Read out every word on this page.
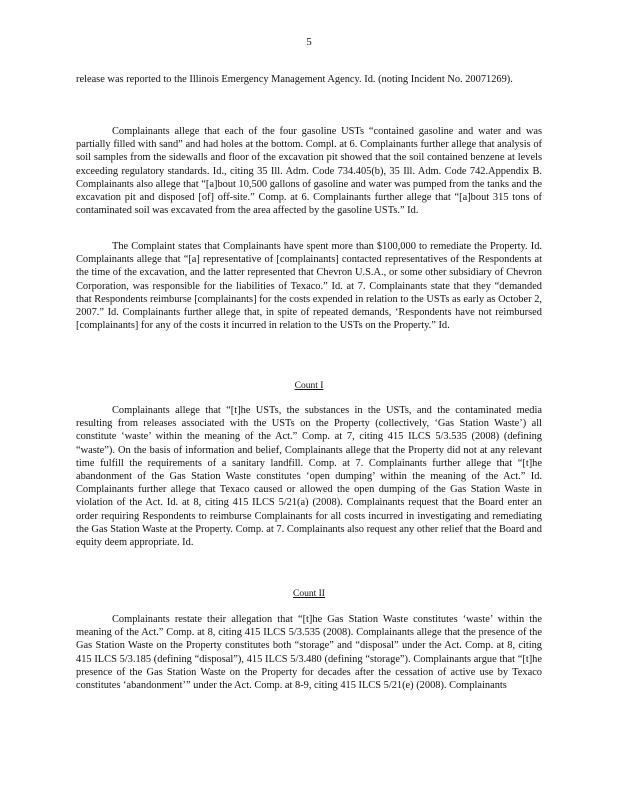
5
release was reported to the Illinois Emergency Management Agency. Id. (noting Incident No. 20071269).
Complainants allege that each of the four gasoline USTs “contained gasoline and water and was partially filled with sand” and had holes at the bottom. Compl. at 6. Complainants further allege that analysis of soil samples from the sidewalls and floor of the excavation pit showed that the soil contained benzene at levels exceeding regulatory standards. Id., citing 35 Ill. Adm. Code 734.405(b), 35 Ill. Adm. Code 742.Appendix B. Complainants also allege that “[a]bout 10,500 gallons of gasoline and water was pumped from the tanks and the excavation pit and disposed [of] off-site.” Comp. at 6. Complainants further allege that “[a]bout 315 tons of contaminated soil was excavated from the area affected by the gasoline USTs.” Id.
The Complaint states that Complainants have spent more than $100,000 to remediate the Property. Id. Complainants allege that “[a] representative of [complainants] contacted representatives of the Respondents at the time of the excavation, and the latter represented that Chevron U.S.A., or some other subsidiary of Chevron Corporation, was responsible for the liabilities of Texaco.” Id. at 7. Complainants state that they “demanded that Respondents reimburse [complainants] for the costs expended in relation to the USTs as early as October 2, 2007.” Id. Complainants further allege that, in spite of repeated demands, ‘Respondents have not reimbursed [complainants] for any of the costs it incurred in relation to the USTs on the Property.” Id.
Count I
Complainants allege that “[t]he USTs, the substances in the USTs, and the contaminated media resulting from releases associated with the USTs on the Property (collectively, ‘Gas Station Waste’) all constitute ‘waste’ within the meaning of the Act.” Comp. at 7, citing 415 ILCS 5/3.535 (2008) (defining “waste”). On the basis of information and belief, Complainants allege that the Property did not at any relevant time fulfill the requirements of a sanitary landfill. Comp. at 7. Complainants further allege that “[t]he abandonment of the Gas Station Waste constitutes ‘open dumping’ within the meaning of the Act.” Id. Complainants further allege that Texaco caused or allowed the open dumping of the Gas Station Waste in violation of the Act. Id. at 8, citing 415 ILCS 5/21(a) (2008). Complainants request that the Board enter an order requiring Respondents to reimburse Complainants for all costs incurred in investigating and remediating the Gas Station Waste at the Property. Comp. at 7. Complainants also request any other relief that the Board and equity deem appropriate. Id.
Count II
Complainants restate their allegation that “[t]he Gas Station Waste constitutes ‘waste’ within the meaning of the Act.” Comp. at 8, citing 415 ILCS 5/3.535 (2008). Complainants allege that the presence of the Gas Station Waste on the Property constitutes both “storage” and “disposal” under the Act. Comp. at 8, citing 415 ILCS 5/3.185 (defining “disposal”), 415 ILCS 5/3.480 (defining “storage”). Complainants argue that “[t]he presence of the Gas Station Waste on the Property for decades after the cessation of active use by Texaco constitutes ‘abandonment’” under the Act. Comp. at 8-9, citing 415 ILCS 5/21(e) (2008). Complainants
